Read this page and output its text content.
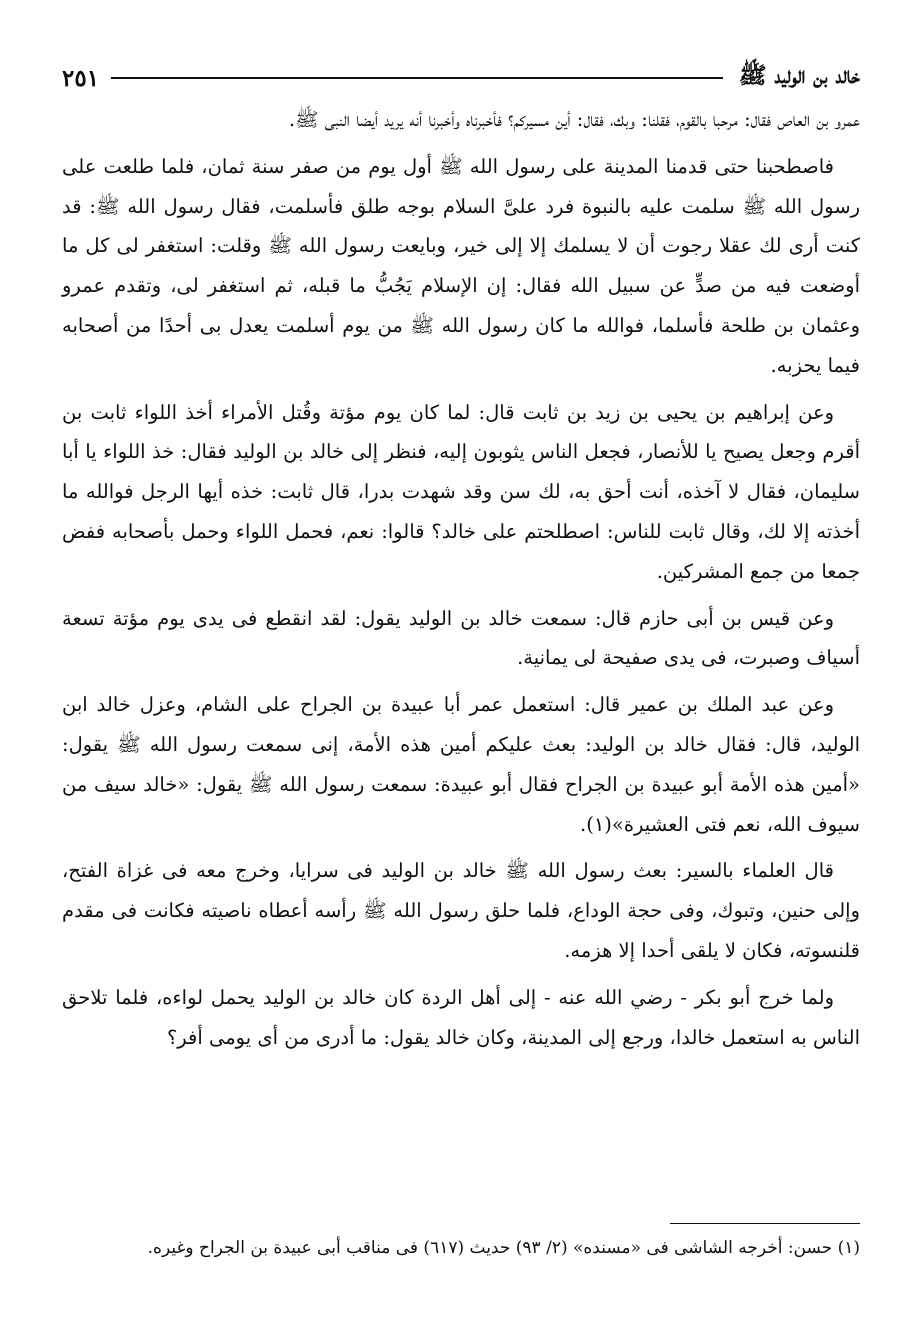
خالد بن الوليد ﷺ
٢٥١

عمرو بن العاص فقال: مرحبا بالقوم، فقلنا: وبك، فقال: أين مسيركم؟ فأخبرناه وأخبرنا أنه يريد أيضا النبى ﷺ.

فاصطحبنا حتى قدمنا المدينة على رسول الله ﷺ أول يوم من صفر سنة ثمان، فلما طلعت على رسول الله ﷺ سلمت عليه بالنبوة فرد علىَّ السلام بوجه طلق فأسلمت، فقال رسول الله ﷺ: قد كنت أرى لك عقلا رجوت أن لا يسلمك إلا إلى خير، وبايعت رسول الله ﷺ وقلت: استغفر لى كل ما أوضعت فيه من صدٍّ عن سبيل الله فقال: إن الإسلام يَجُبُّ ما قبله، ثم استغفر لى، وتقدم عمرو وعثمان بن طلحة فأسلما، فوالله ما كان رسول الله ﷺ من يوم أسلمت يعدل بى أحدًا من أصحابه فيما يحزبه.

وعن إبراهيم بن يحيى بن زيد بن ثابت قال: لما كان يوم مؤتة وقُتل الأمراء أخذ اللواء ثابت بن أقرم وجعل يصيح يا للأنصار، فجعل الناس يثوبون إليه، فنظر إلى خالد بن الوليد فقال: خذ اللواء يا أبا سليمان، فقال لا آخذه، أنت أحق به، لك سن وقد شهدت بدرا، قال ثابت: خذه أيها الرجل فوالله ما أخذته إلا لك، وقال ثابت للناس: اصطلحتم على خالد؟ قالوا: نعم، فحمل اللواء وحمل بأصحابه ففض جمعا من جمع المشركين.

وعن قيس بن أبى حازم قال: سمعت خالد بن الوليد يقول: لقد انقطع فى يدى يوم مؤتة تسعة أسياف وصبرت، فى يدى صفيحة لى يمانية.

وعن عبد الملك بن عمير قال: استعمل عمر أبا عبيدة بن الجراح على الشام، وعزل خالد ابن الوليد، قال: فقال خالد بن الوليد: بعث عليكم أمين هذه الأمة، إنى سمعت رسول الله ﷺ يقول: «أمين هذه الأمة أبو عبيدة بن الجراح فقال أبو عبيدة: سمعت رسول الله ﷺ يقول: «خالد سيف من سيوف الله، نعم فتى العشيرة»(١).

قال العلماء بالسير: بعث رسول الله ﷺ خالد بن الوليد فى سرايا، وخرج معه فى غزاة الفتح، وإلى حنين، وتبوك، وفى حجة الوداع، فلما حلق رسول الله ﷺ رأسه أعطاه ناصيته فكانت فى مقدم قلنسوته، فكان لا يلقى أحدا إلا هزمه.

ولما خرج أبو بكر - رضي الله عنه - إلى أهل الردة كان خالد بن الوليد يحمل لواءه، فلما تلاحق الناس به استعمل خالدا، ورجع إلى المدينة، وكان خالد يقول: ما أدرى من أى يومى أفر؟

(١) حسن: أخرجه الشاشى فى «مسنده» (٢/ ٩٣) حديث (٦١٧) فى مناقب أبى عبيدة بن الجراح وغيره.
